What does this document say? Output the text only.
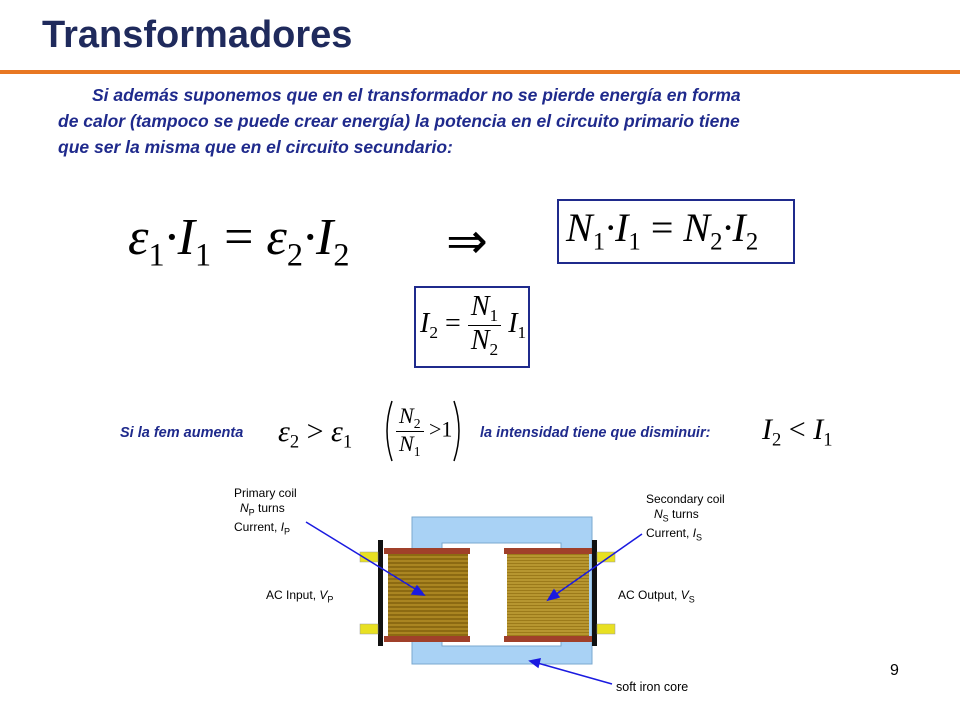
Transformadores
Si además suponemos que en el transformador no se pierde energía en forma
de calor (tampoco se puede crear energía) la potencia en el circuito primario tiene
que ser la misma que en el circuito secundario:
$\varepsilon_1\cdot I_1 = \varepsilon_2\cdot I_2$ ⇒ $N_1\cdot I_1 = N_2\cdot I_2$
$I_2 = \frac{N_1}{N_2} I_1$
Si la fem aumenta $\varepsilon_2 > \varepsilon_1 \frac{N_2}{N_1} >1$ la intensidad tiene que disminuir: $I_2 < I_1$
Primary coil
$N_P$ turns
Current, $I_P$
Secondary coil
$N_S$ turns
Current, $I_S$
AC Input, $V_P$	AC Output, $V_S$
soft iron core
9
